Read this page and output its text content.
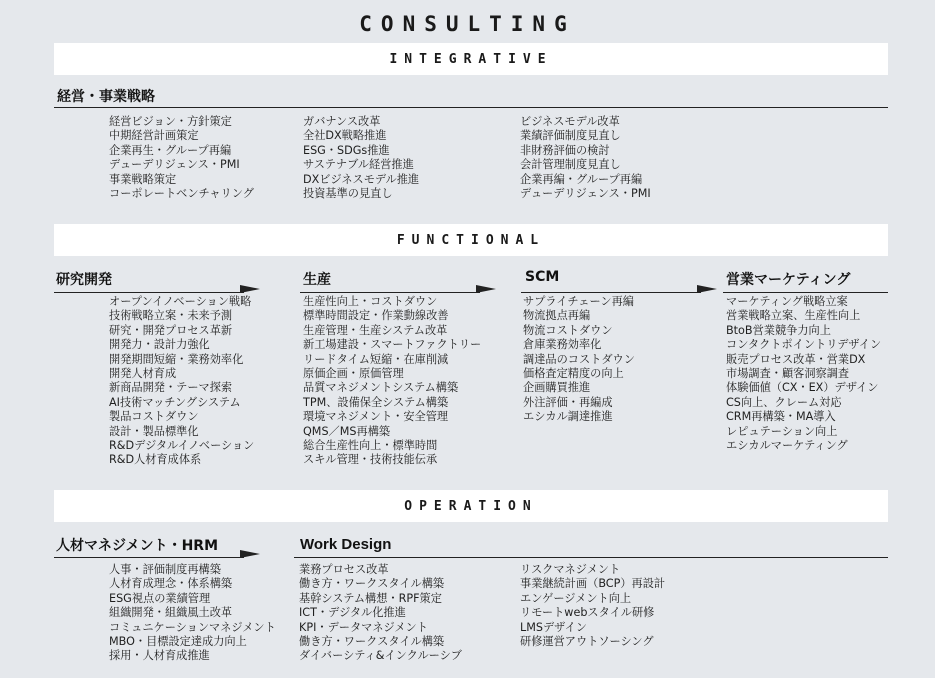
CONSULTING
INTEGRATIVE
経営・事業戦略
経営ビジョン・方針策定
中期経営計画策定
企業再生・グループ再編
デューデリジェンス・PMI
事業戦略策定
コーポレートベンチャリング
ガバナンス改革
全社DX戦略推進
ESG・SDGs推進
サステナブル経営推進
DXビジネスモデル推進
投資基準の見直し
ビジネスモデル改革
業績評価制度見直し
非財務評価の検討
会計管理制度見直し
企業再編・グループ再編
デューデリジェンス・PMI
FUNCTIONAL
研究開発
オープンイノベーション戦略
技術戦略立案・未来予測
研究・開発プロセス革新
開発力・設計力強化
開発期間短縮・業務効率化
開発人材育成
新商品開発・テーマ探索
AI技術マッチングシステム
製品コストダウン
設計・製品標準化
R&Dデジタルイノベーション
R&D人材育成体系
生産
生産性向上・コストダウン
標準時間設定・作業動線改善
生産管理・生産システム改革
新工場建設・スマートファクトリー
リードタイム短縮・在庫削減
原価企画・原価管理
品質マネジメントシステム構築
TPM、設備保全システム構築
環境マネジメント・安全管理
QMS／MS再構築
総合生産性向上・標準時間
スキル管理・技術技能伝承
SCM
サプライチェーン再編
物流拠点再編
物流コストダウン
倉庫業務効率化
調達品のコストダウン
価格査定精度の向上
企画購買推進
外注評価・再編成
エシカル調達推進
営業マーケティング
マーケティング戦略立案
営業戦略立案、生産性向上
BtoB営業競争力向上
コンタクトポイントリデザイン
販売プロセス改革・営業DX
市場調査・顧客洞察調査
体験価値（CX・EX）デザイン
CS向上、クレーム対応
CRM再構築・MA導入
レピュテーション向上
エシカルマーケティング
OPERATION
人材マネジメント・HRM
人事・評価制度再構築
人材育成理念・体系構築
ESG視点の業績管理
組織開発・組織風土改革
コミュニケーションマネジメント
MBO・目標設定達成力向上
採用・人材育成推進
Work Design
業務プロセス改革
働き方・ワークスタイル構築
基幹システム構想・RPF策定
ICT・デジタル化推進
KPI・データマネジメント
働き方・ワークスタイル構築
ダイバーシティ&インクルーシブ
リスクマネジメント
事業継続計画（BCP）再設計
エンゲージメント向上
リモートwebスタイル研修
LMSデザイン
研修運営アウトソーシング
